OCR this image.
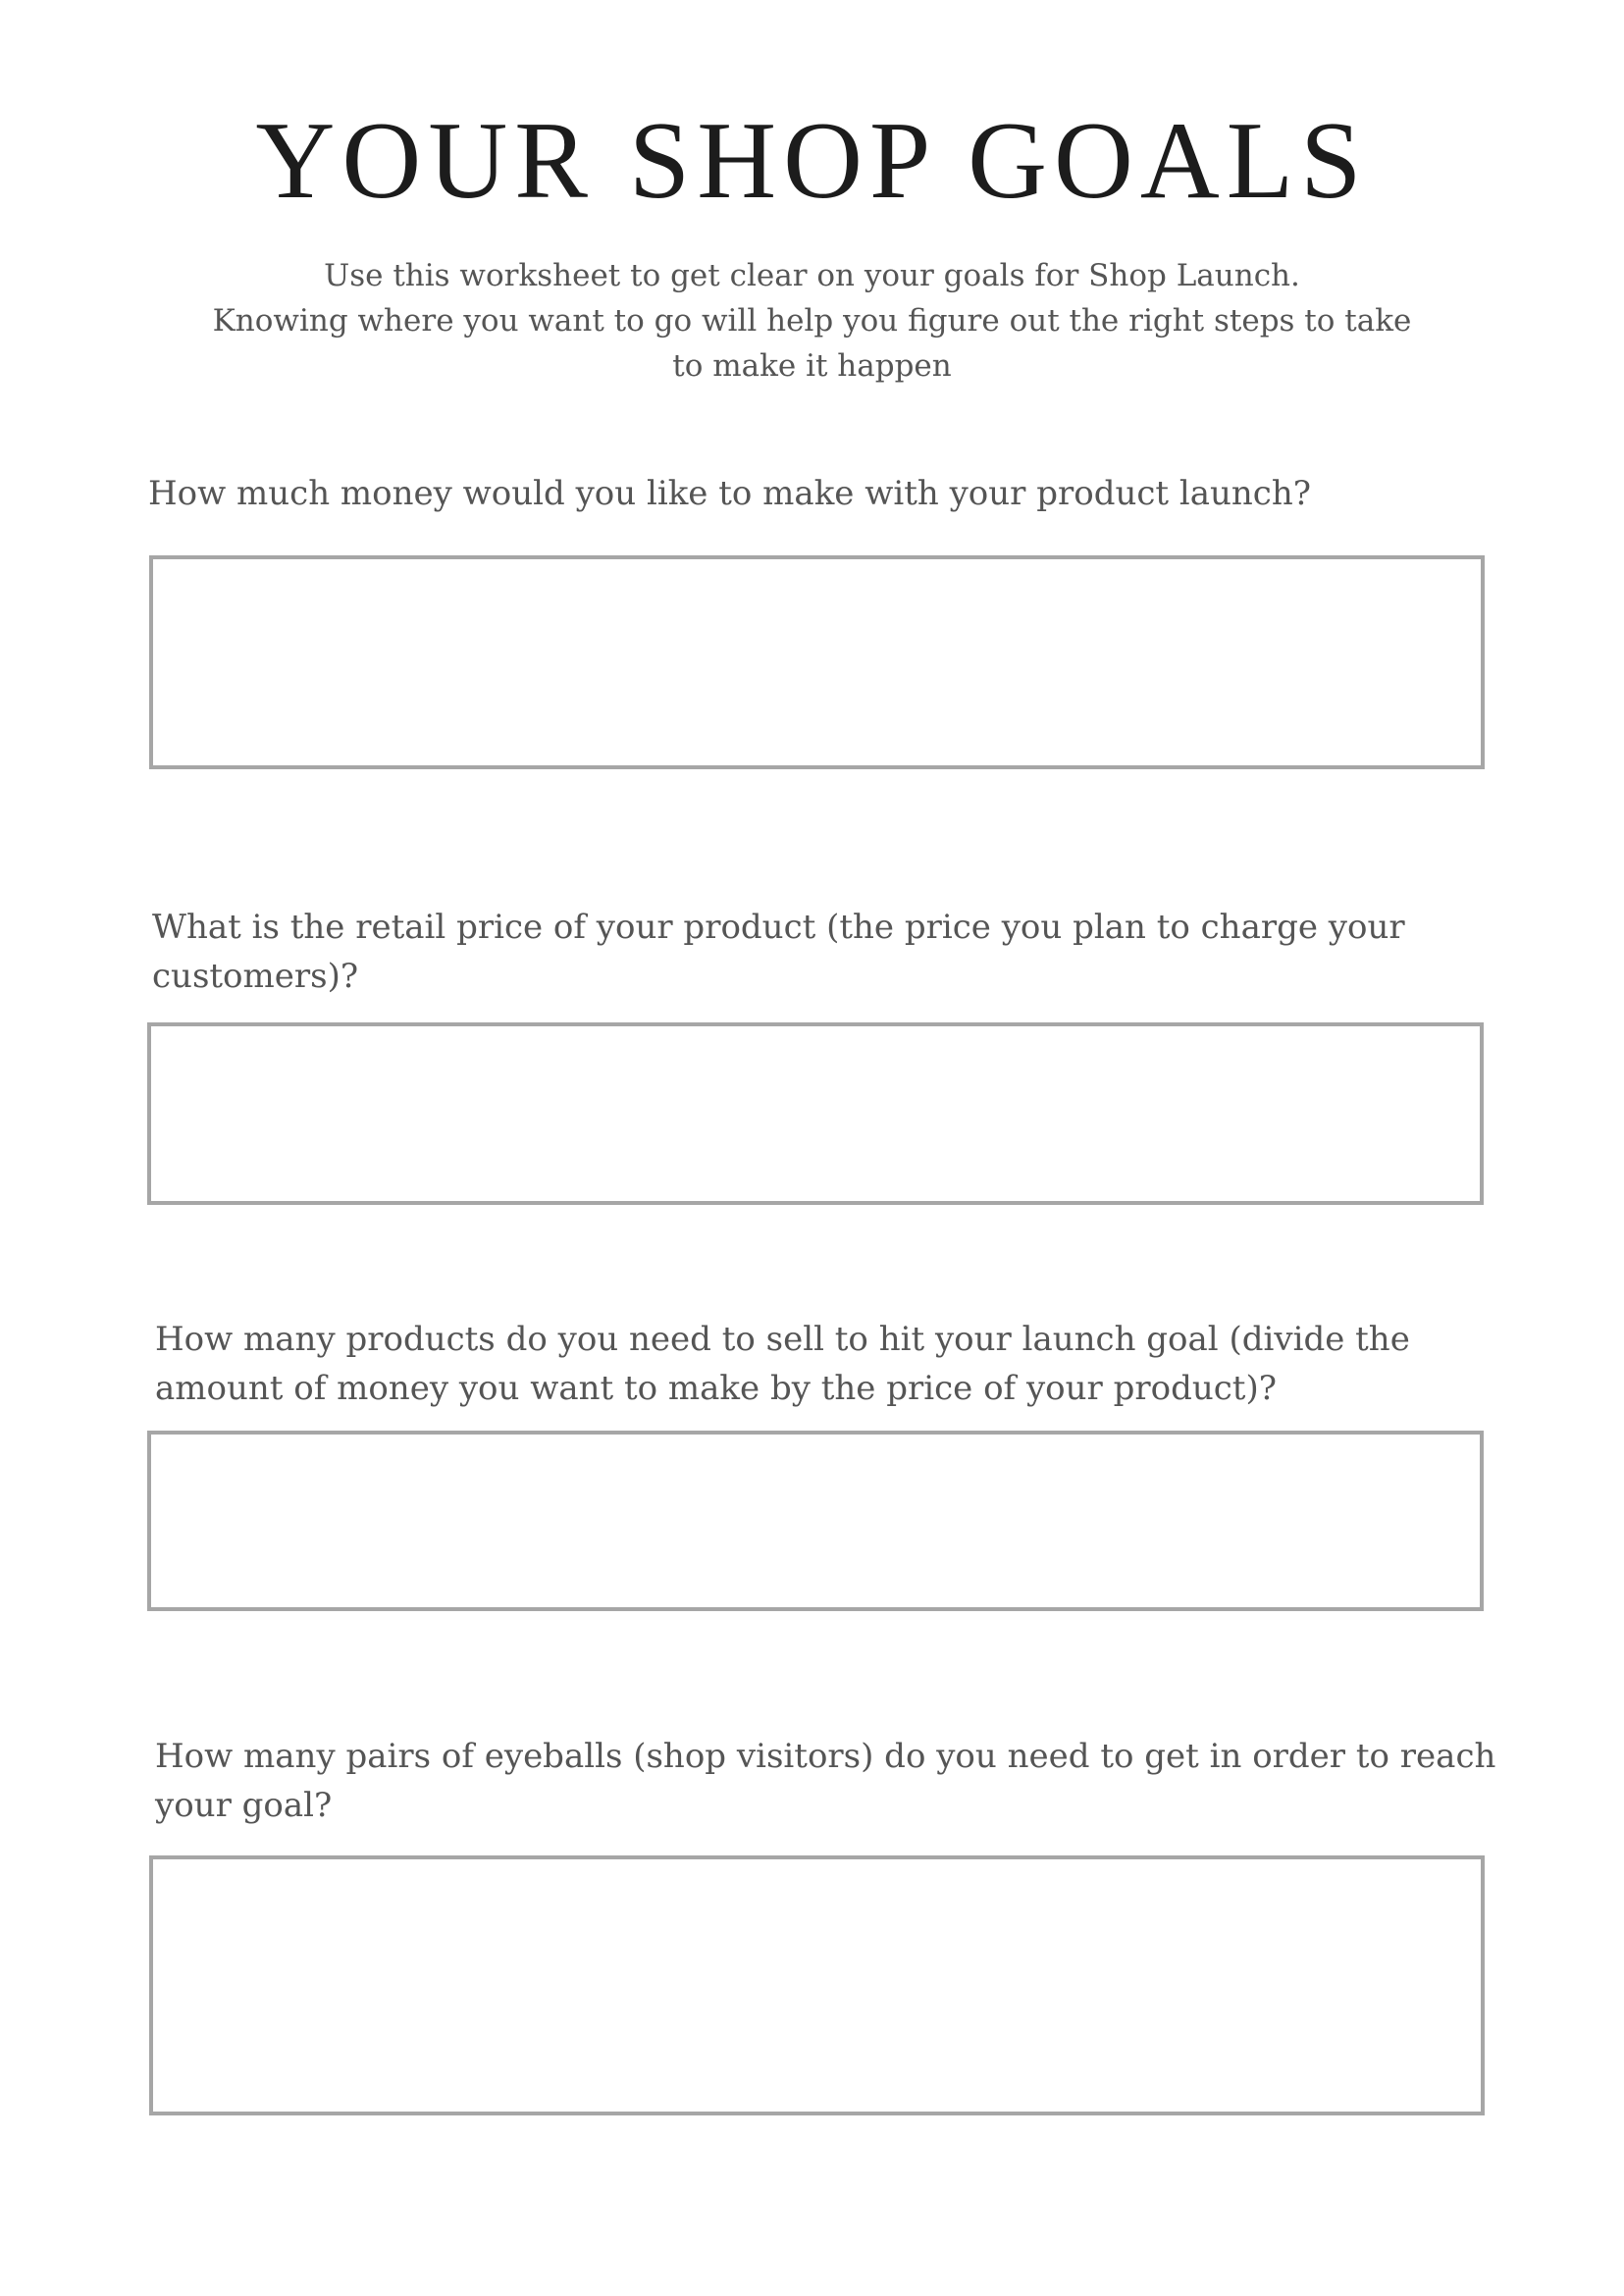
YOUR SHOP GOALS
Use this worksheet to get clear on your goals for Shop Launch.
Knowing where you want to go will help you figure out the right steps to take
to make it happen

How much money would you like to make with your product launch?

What is the retail price of your product (the price you plan to charge your customers)?

How many products do you need to sell to hit your launch goal (divide the amount of money you want to make by the price of your product)?

How many pairs of eyeballs (shop visitors) do you need to get in order to reach your goal?
